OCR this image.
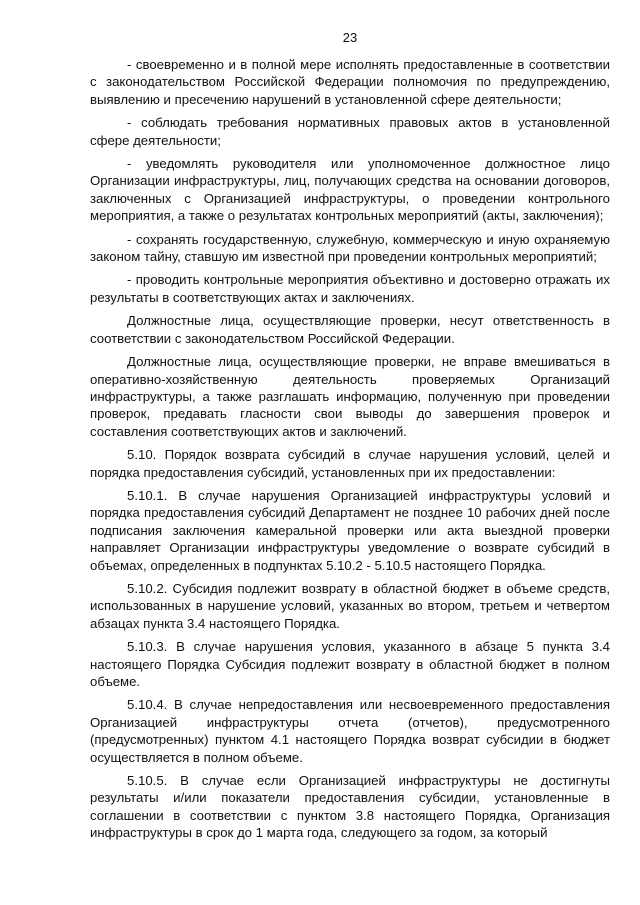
23

- своевременно и в полной мере исполнять предоставленные в соответствии с законодательством Российской Федерации полномочия по предупреждению, выявлению и пресечению нарушений в установленной сфере деятельности;

- соблюдать требования нормативных правовых актов в установленной сфере деятельности;

- уведомлять руководителя или уполномоченное должностное лицо Организации инфраструктуры, лиц, получающих средства на основании договоров, заключенных с Организацией инфраструктуры, о проведении контрольного мероприятия, а также о результатах контрольных мероприятий (акты, заключения);

- сохранять государственную, служебную, коммерческую и иную охраняемую законом тайну, ставшую им известной при проведении контрольных мероприятий;

- проводить контрольные мероприятия объективно и достоверно отражать их результаты в соответствующих актах и заключениях.

Должностные лица, осуществляющие проверки, несут ответственность в соответствии с законодательством Российской Федерации.

Должностные лица, осуществляющие проверки, не вправе вмешиваться в оперативно-хозяйственную деятельность проверяемых Организаций инфраструктуры, а также разглашать информацию, полученную при проведении проверок, предавать гласности свои выводы до завершения проверок и составления соответствующих актов и заключений.

5.10. Порядок возврата субсидий в случае нарушения условий, целей и порядка предоставления субсидий, установленных при их предоставлении:

5.10.1. В случае нарушения Организацией инфраструктуры условий и порядка предоставления субсидий Департамент не позднее 10 рабочих дней после подписания заключения камеральной проверки или акта выездной проверки направляет Организации инфраструктуры уведомление о возврате субсидий в объемах, определенных в подпунктах 5.10.2 - 5.10.5 настоящего Порядка.

5.10.2. Субсидия подлежит возврату в областной бюджет в объеме средств, использованных в нарушение условий, указанных во втором, третьем и четвертом абзацах пункта 3.4 настоящего Порядка.

5.10.3. В случае нарушения условия, указанного в абзаце 5 пункта 3.4 настоящего Порядка Субсидия подлежит возврату в областной бюджет в полном объеме.

5.10.4. В случае непредоставления или несвоевременного предоставления Организацией инфраструктуры отчета (отчетов), предусмотренного (предусмотренных) пунктом 4.1 настоящего Порядка возврат субсидии в бюджет осуществляется в полном объеме.

5.10.5. В случае если Организацией инфраструктуры не достигнуты результаты и/или показатели предоставления субсидии, установленные в соглашении в соответствии с пунктом 3.8 настоящего Порядка, Организация инфраструктуры в срок до 1 марта года, следующего за годом, за который
